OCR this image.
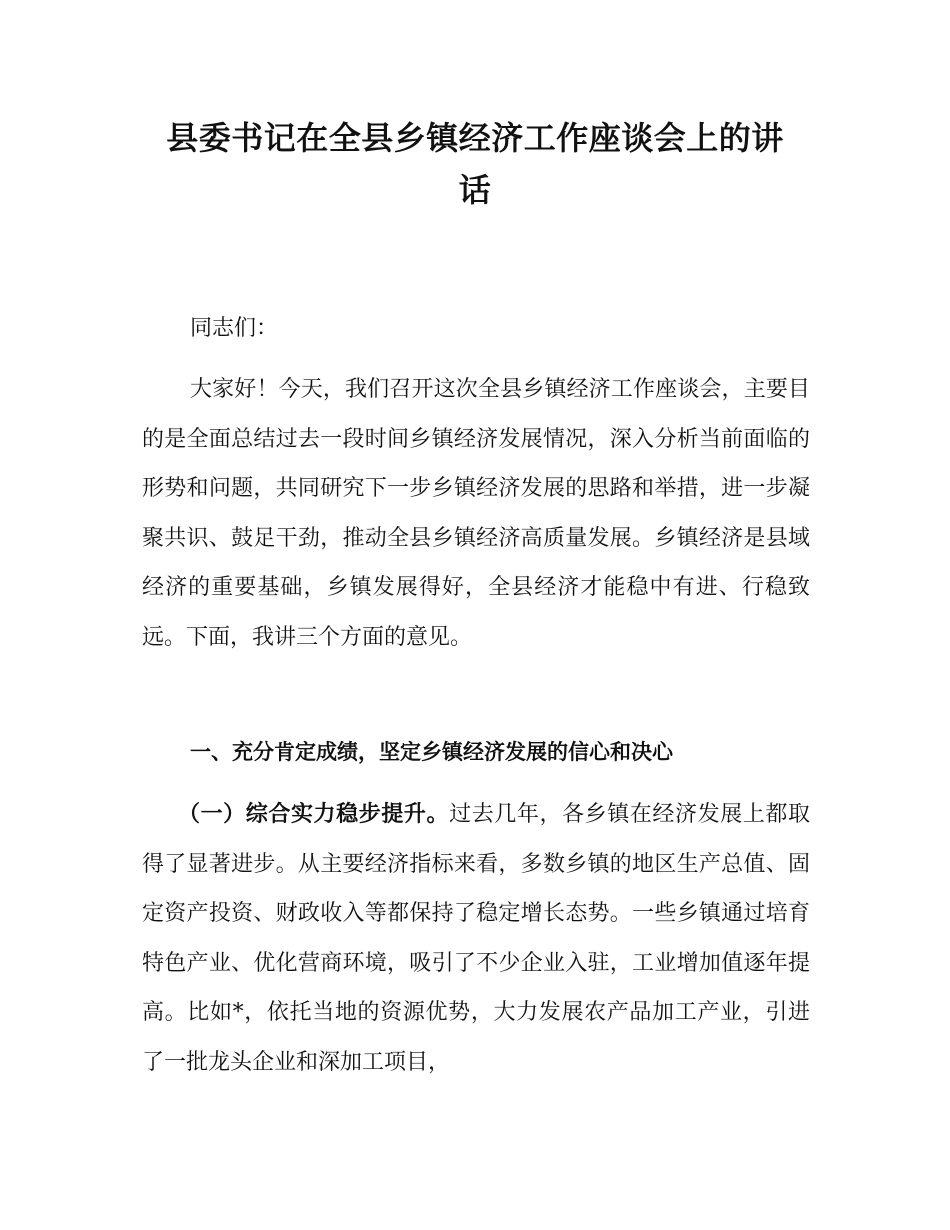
县委书记在全县乡镇经济工作座谈会上的讲
话

同志们：

大家好！今天，我们召开这次全县乡镇经济工作座谈会，主要目的是全面总结过去一段时间乡镇经济发展情况，深入分析当前面临的形势和问题，共同研究下一步乡镇经济发展的思路和举措，进一步凝聚共识、鼓足干劲，推动全县乡镇经济高质量发展。乡镇经济是县域经济的重要基础，乡镇发展得好，全县经济才能稳中有进、行稳致远。下面，我讲三个方面的意见。

一、充分肯定成绩，坚定乡镇经济发展的信心和决心

（一）综合实力稳步提升。过去几年，各乡镇在经济发展上都取得了显著进步。从主要经济指标来看，多数乡镇的地区生产总值、固定资产投资、财政收入等都保持了稳定增长态势。一些乡镇通过培育特色产业、优化营商环境，吸引了不少企业入驻，工业增加值逐年提高。比如*，依托当地的资源优势，大力发展农产品加工产业，引进了一批龙头企业和深加工项目，
